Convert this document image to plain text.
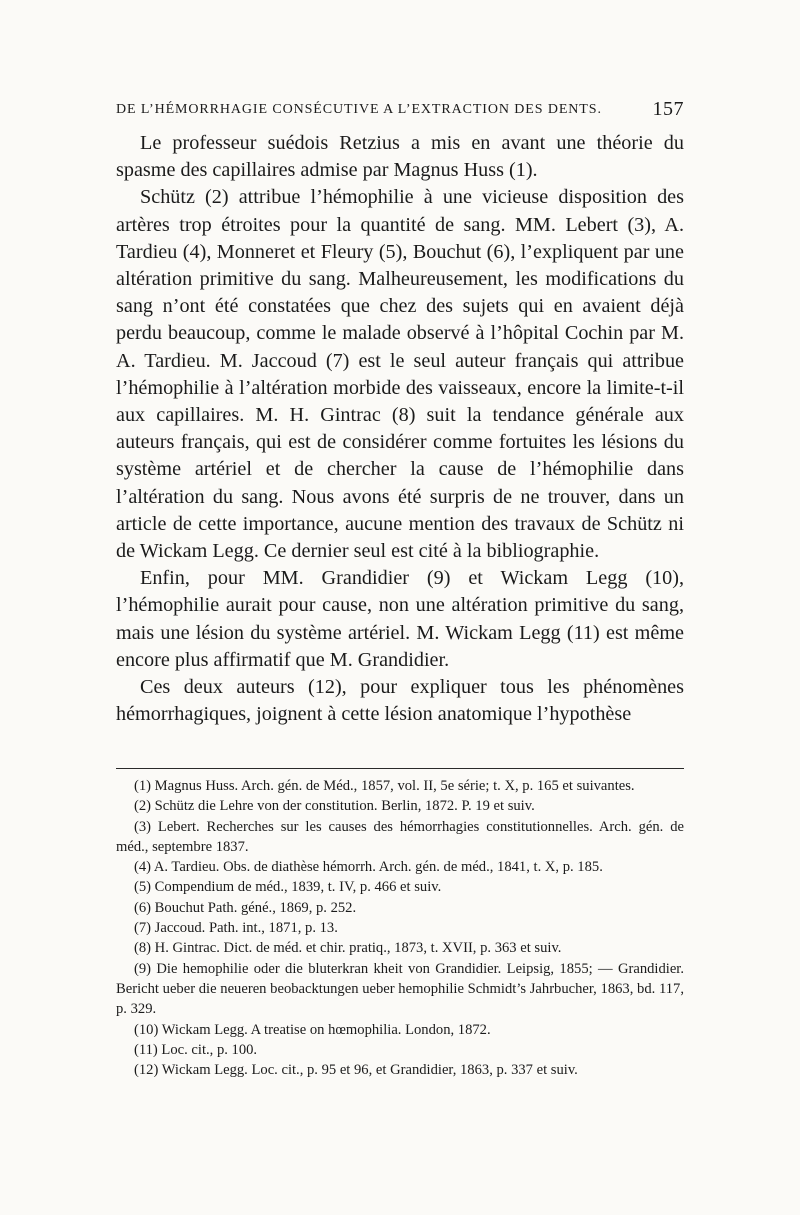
DE L’HÉMORRHAGIE CONSÉCUTIVE A L’EXTRACTION DES DENTS.	157

Le professeur suédois Retzius a mis en avant une théorie du spasme des capillaires admise par Magnus Huss (1).

Schütz (2) attribue l’hémophilie à une vicieuse disposition des artères trop étroites pour la quantité de sang. MM. Lebert (3), A. Tardieu (4), Monneret et Fleury (5), Bouchut (6), l’expliquent par une altération primitive du sang. Malheureusement, les modifications du sang n’ont été constatées que chez des sujets qui en avaient déjà perdu beaucoup, comme le malade observé à l’hôpital Cochin par M. A. Tardieu. M. Jaccoud (7) est le seul auteur français qui attribue l’hémophilie à l’altération morbide des vaisseaux, encore la limite-t-il aux capillaires. M. H. Gintrac (8) suit la tendance générale aux auteurs français, qui est de considérer comme fortuites les lésions du système artériel et de chercher la cause de l’hémophilie dans l’altération du sang. Nous avons été surpris de ne trouver, dans un article de cette importance, aucune mention des travaux de Schütz ni de Wickam Legg. Ce dernier seul est cité à la bibliographie.

Enfin, pour MM. Grandidier (9) et Wickam Legg (10), l’hémophilie aurait pour cause, non une altération primitive du sang, mais une lésion du système artériel. M. Wickam Legg (11) est même encore plus affirmatif que M. Grandidier.

Ces deux auteurs (12), pour expliquer tous les phénomènes hémorrhagiques, joignent à cette lésion anatomique l’hypothèse

(1) Magnus Huss. Arch. gén. de Méd., 1857, vol. II, 5e série; t. X, p. 165 et suivantes.

(2) Schütz die Lehre von der constitution. Berlin, 1872. P. 19 et suiv.

(3) Lebert. Recherches sur les causes des hémorrhagies constitutionnelles. Arch. gén. de méd., septembre 1837.

(4) A. Tardieu. Obs. de diathèse hémorrh. Arch. gén. de méd., 1841, t. X, p. 185.

(5) Compendium de méd., 1839, t. IV, p. 466 et suiv.

(6) Bouchut Path. géné., 1869, p. 252.

(7) Jaccoud. Path. int., 1871, p. 13.

(8) H. Gintrac. Dict. de méd. et chir. pratiq., 1873, t. XVII, p. 363 et suiv.

(9) Die hemophilie oder die bluterkran kheit von Grandidier. Leipsig, 1855; — Grandidier. Bericht ueber die neueren beobacktungen ueber hemophilie Schmidt’s Jahrbucher, 1863, bd. 117, p. 329.

(10) Wickam Legg. A treatise on hœmophilia. London, 1872.

(11) Loc. cit., p. 100.

(12) Wickam Legg. Loc. cit., p. 95 et 96, et Grandidier, 1863, p. 337 et suiv.
